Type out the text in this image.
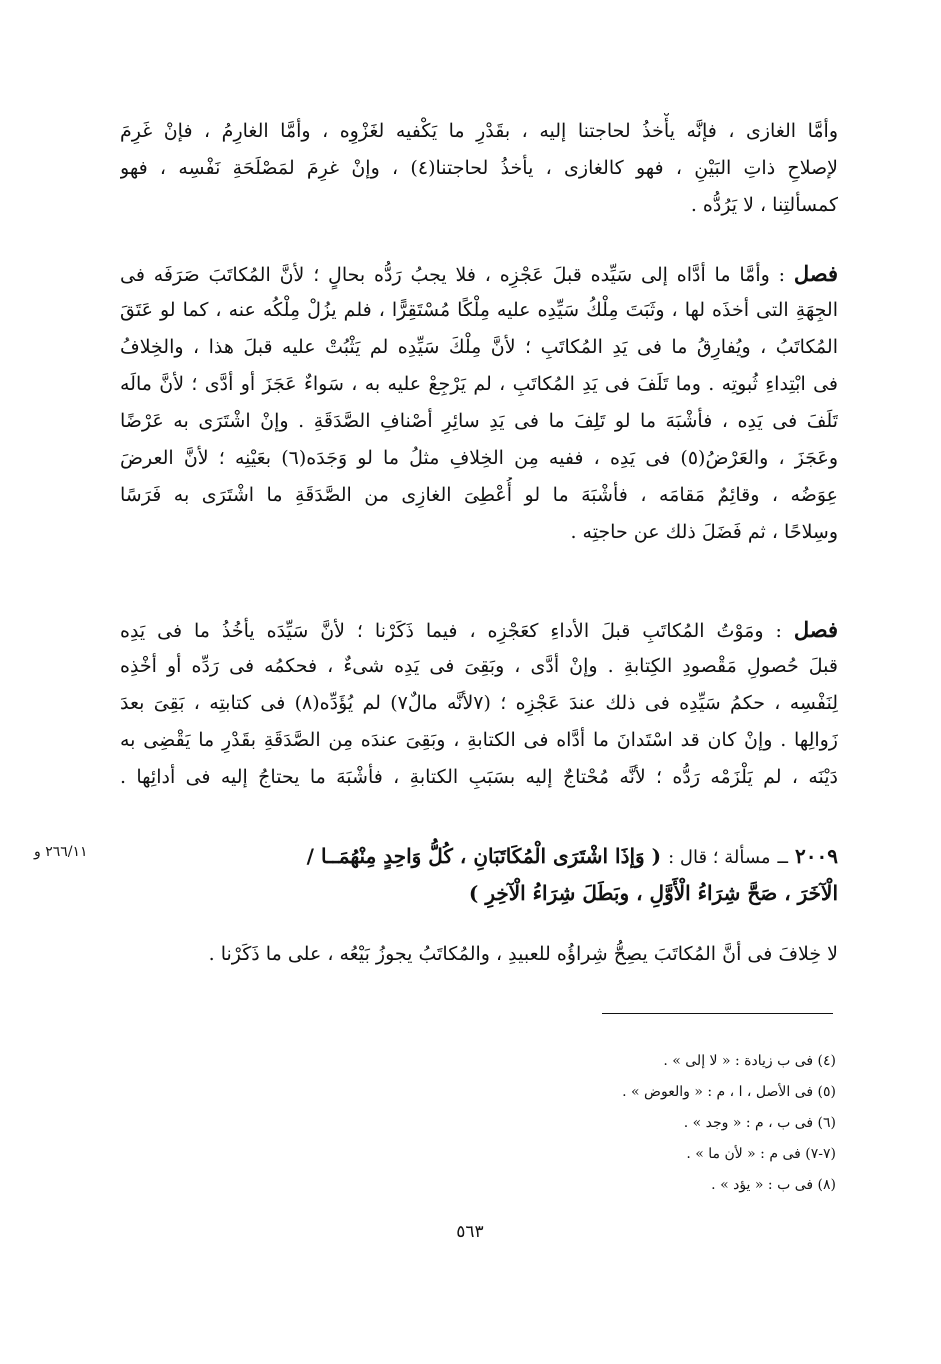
وأمَّا الغازى ، فإنَّه يأْخذُ لحاجتنا إليه ، بقَدْرِ ما يَكْفيه لغَزْوِه ، وأمَّا الغارِمُ ، فإنْ غَرِمَ
لإصلاحِ ذاتِ البَيْنِ ، فهو كالغازى ، يأخذُ لحاجتنا(٤) ، وإنْ غرِمَ لمَصْلَحَةِ نَفْسِه ، فهو
كمسألتِنا ، لا يَرُدُّه .
فصل : وأمَّا ما أدَّاه إلى سَيِّده قبلَ عَجْزِه ، فلا يجبُ رَدُّه بحالٍ ؛ لأنَّ المُكاتَبَ صَرَفَه فى
الجِهَةِ التى أخذَه لها ، وثَبَتَ مِلْكُ سَيِّدِه عليه مِلْكًا مُسْتَقِرًّا ، فلم يزُلْ مِلْكُه عنه ، كما لو عَتَقَ
المُكاتَبُ ، ويُفارِقُ ما فى يَدِ المُكاتَبِ ؛ لأنَّ مِلْكَ سَيِّدِه لم يَثْبُتْ عليه قبلَ هذا ، والخِلافُ
فى ابْتِداءِ ثُبوتِه . وما تَلَفَ فى يَدِ المُكاتَبِ ، لم يَرْجِعْ عليه به ، سَواءٌ عَجَزَ أو أدَّى ؛ لأنَّ مالَه
تَلَفَ فى يَدِه ، فأشْبَهَ ما لو تَلِفَ ما فى يَدِ سائِرِ أصْنافِ الصَّدَقَةِ . وإنْ اشْتَرَى به عَرْضًا
وعَجَزَ ، والعَرْضُ(٥) فى يَدِه ، ففيه مِن الخِلافِ مثلُ ما لو وَجَدَه(٦) بعَيْنِه ؛ لأنَّ العرضَ
عِوَضُه ، وقائِمٌ مَقامَه ، فأشْبَهَ ما لو أُعْطِىَ الغازِى من الصَّدَقَةِ ما اشْتَرَى به فَرَسًا
وسِلاحًا ، ثم فَضَلَ ذلك عن حاجتِه .
فصل : ومَوْتُ المُكاتَبِ قبلَ الأداءِ كعَجْزِه ، فيما ذَكَرْنا ؛ لأنَّ سَيِّدَه يأخُذُ ما فى يَدِه
قبلَ حُصولِ مَقْصودِ الكِتابةِ . وإنْ أدَّى ، وبَقِىَ فى يَدِه شىءٌ ، فحكمُه فى رَدِّه أو أخْذِه
لِنَفْسِه ، حكمُ سَيِّدِه فى ذلك عندَ عَجْزِه ؛ (٧لأنَّه مالٌ٧) لم يُؤَدِّه(٨) فى كتابتِه ، بَقِىَ بعدَ
زَوالِها . وإنْ كان قد اسْتَدانَ ما أدَّاه فى الكتابةِ ، وبَقِىَ عندَه مِن الصَّدَقَةِ بقَدْرِ ما يَقْضِى به
دَيْنَه ، لم يَلْزَمْه رَدُّه ؛ لأنَّه مُحْتاجٌ إليه بسَبَبِ الكتابةِ ، فأشْبَهَ ما يحتاجُ إليه فى أدائِها .
٢٠٠٩ ــ مسألة ؛ قال : ( وَإذَا اشْتَرَى الْمُكَاتَبَانِ ، كُلُّ وَاحِدٍ مِنْهُمَــا /
الْآخَرَ ، صَحَّ شِرَاءُ الْأَوَّلِ ، وبَطَلَ شِرَاءُ الْآخِرِ )
٢٦٦/١١ و
لا خِلافَ فى أنَّ المُكاتَبَ يصِحُّ شِراؤُه للعبيدِ ، والمُكاتَبُ يجوزُ بَيْعُه ، على ما ذَكَرْنا .
(٤) فى ب زيادة : « لا إلى » .
(٥) فى الأصل ، ا ، م : « والعوض » .
(٦) فى ب ، م : « وجد » .
(٧-٧) فى م : « لأن ما » .
(٨) فى ب : « يؤد » .
٥٦٣
